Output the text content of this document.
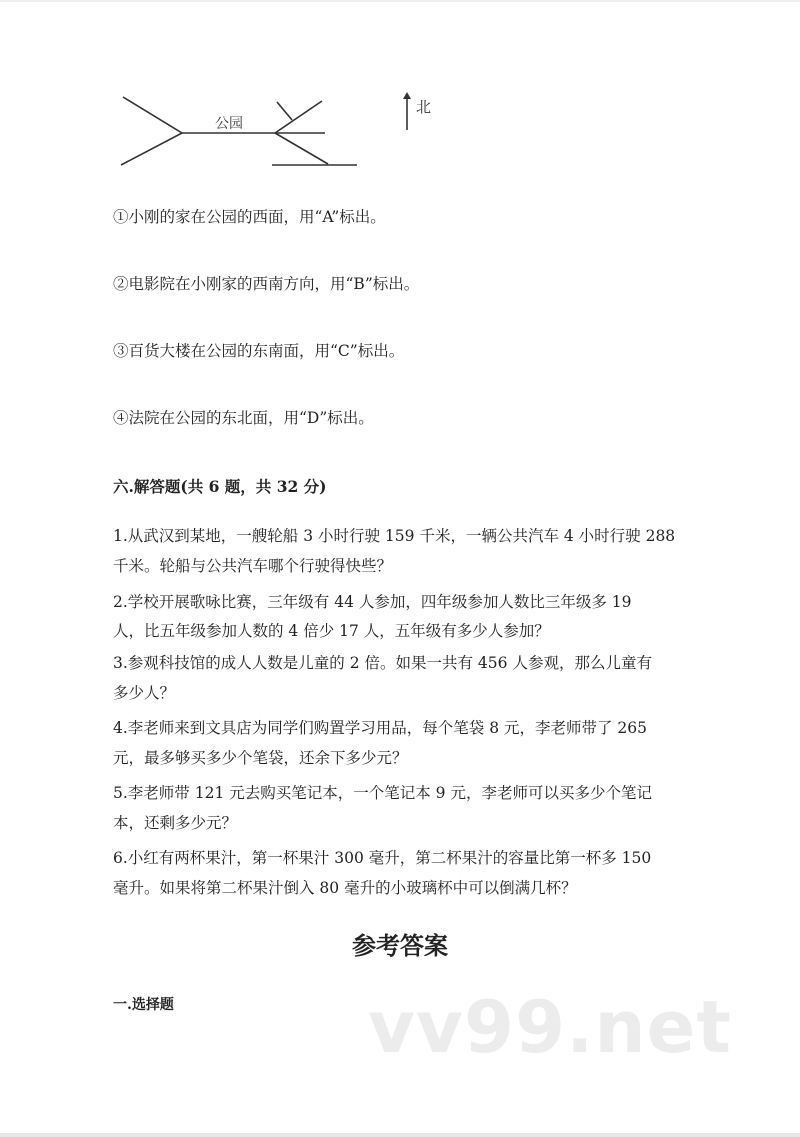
公园
北
①小刚的家在公园的西面，用“A”标出。
②电影院在小刚家的西南方向，用“B”标出。
③百货大楼在公园的东南面，用“C”标出。
④法院在公园的东北面，用“D”标出。
六.解答题(共 6 题，共 32 分)
1.从武汉到某地，一艘轮船 3 小时行驶 159 千米，一辆公共汽车 4 小时行驶 288
千米。轮船与公共汽车哪个行驶得快些？
2.学校开展歌咏比赛，三年级有 44 人参加，四年级参加人数比三年级多 19
人，比五年级参加人数的 4 倍少 17 人，五年级有多少人参加？
3.参观科技馆的成人人数是儿童的 2 倍。如果一共有 456 人参观，那么儿童有
多少人？
4.李老师来到文具店为同学们购置学习用品，每个笔袋 8 元，李老师带了 265
元，最多够买多少个笔袋，还余下多少元？
5.李老师带 121 元去购买笔记本，一个笔记本 9 元，李老师可以买多少个笔记
本，还剩多少元？
6.小红有两杯果汁，第一杯果汁 300 毫升，第二杯果汁的容量比第一杯多 150
毫升。如果将第二杯果汁倒入 80 毫升的小玻璃杯中可以倒满几杯？
参考答案
一.选择题	vv99.net
